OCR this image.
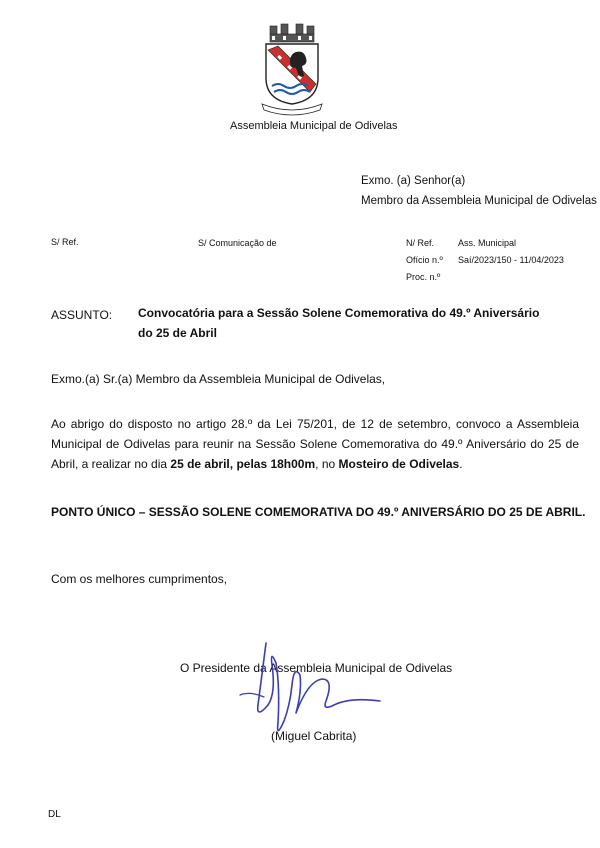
Assembleia Municipal de Odivelas
Exmo. (a) Senhor(a)
Membro da Assembleia Municipal de Odivelas
S/ Ref.	S/ Comunicação de	N/ Ref.	Ass. Municipal
Ofício n.º Saí/2023/150 - 11/04/2023
Proc. n.º
ASSUNTO: Convocatória para a Sessão Solene Comemorativa do 49.º Aniversário
do 25 de Abril
Exmo.(a) Sr.(a) Membro da Assembleia Municipal de Odivelas,

Ao abrigo do disposto no artigo 28.º da Lei 75/201, de 12 de setembro, convoco a Assembleia Municipal de Odivelas para reunir na Sessão Solene Comemorativa do 49.º Aniversário do 25 de Abril, a realizar no dia 25 de abril, pelas 18h00m, no Mosteiro de Odivelas.

PONTO ÚNICO – SESSÃO SOLENE COMEMORATIVA DO 49.º ANIVERSÁRIO DO 25 DE ABRIL.
Com os melhores cumprimentos,
O Presidente da Assembleia Municipal de Odivelas
(Miguel Cabrita)
DL
